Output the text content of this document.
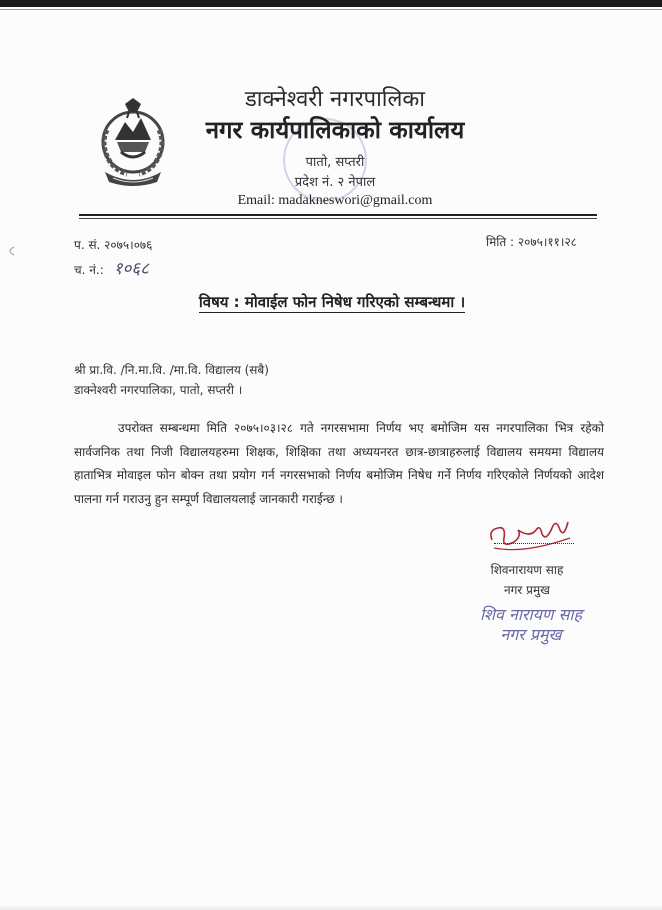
डाक्नेश्वरी नगरपालिका
नगर कार्यपालिकाको कार्यालय
पातो, सप्तरी
प्रदेश नं. २ नेपाल
Email: madakneswori@gmail.com
प. सं. २०७५।०७६
च. नं.: १०६८
मिति : २०७५।११।२८
विषय : मोवाईल फोन निषेध गरिएको सम्बन्धमा ।
श्री प्रा.वि. /नि.मा.वि. /मा.वि. विद्यालय (सबै)
डाक्नेश्वरी नगरपालिका, पातो, सप्तरी ।
उपरोक्त सम्बन्धमा मिति २०७५।०३।२८ गते नगरसभामा निर्णय भए बमोजिम यस नगरपालिका भित्र रहेको सार्वजनिक तथा निजी विद्यालयहरुमा शिक्षक, शिक्षिका तथा अध्ययनरत छात्र-छात्राहरुलाई विद्यालय समयमा विद्यालय हाताभित्र मोवाइल फोन बोक्न तथा प्रयोग गर्न नगरसभाको निर्णय बमोजिम निषेध गर्ने निर्णय गरिएकोले निर्णयको आदेश पालना गर्न गराउनु हुन सम्पूर्ण विद्यालयलाई जानकारी गराईन्छ ।
शिवनारायण साह
नगर प्रमुख
शिव नारायण साह
नगर प्रमुख
